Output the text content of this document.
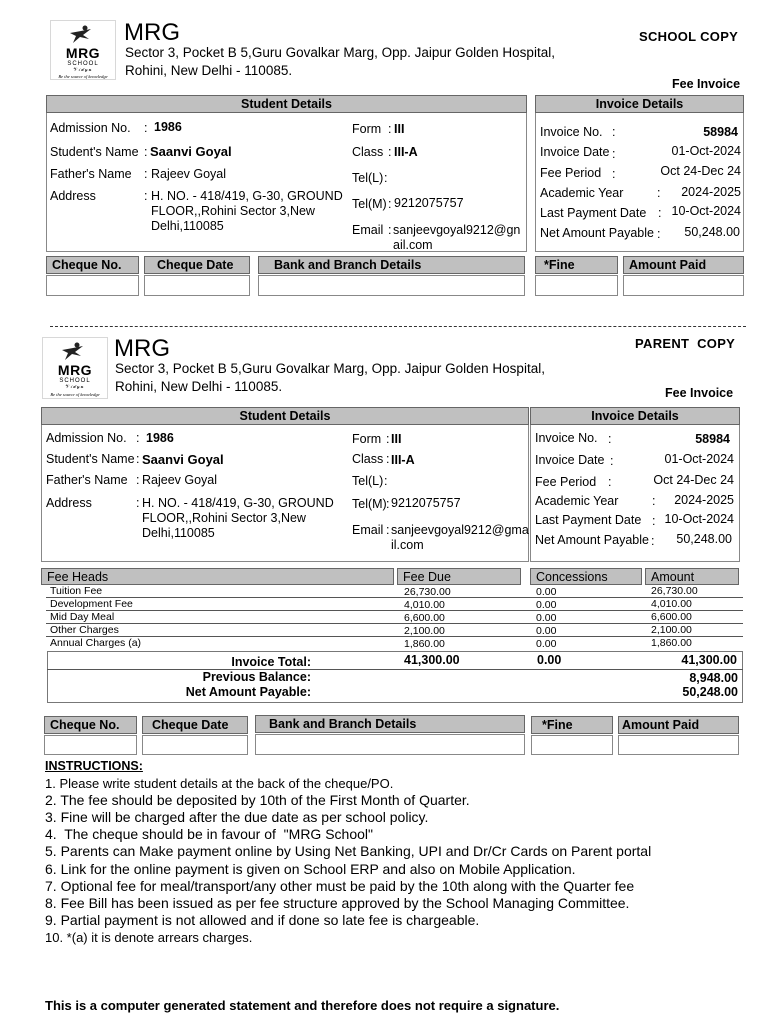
MRG
SCHOOL
𝒱𝒾𝒹𝓎𝒶
Be the source of knowledge
MRG
Sector 3, Pocket B 5,Guru Govalkar Marg, Opp. Jaipur Golden Hospital,
Rohini, New Delhi - 110085.
SCHOOL COPY
Fee Invoice
Student Details
Admission No. : 1986
Student's Name : Saanvi Goyal
Father's Name : Rajeev Goyal
Address	: H. NO. - 418/419, G-30, GROUND FLOOR,,Rohini Sector 3,New Delhi,110085
Form : III
Class : III-A
Tel(L) :
Tel(M) : 9212075757
Email : sanjeevgoyal9212@gn
ail.com
Invoice Details
Invoice No. :	58984
Invoice Date :	01-Oct-2024
Fee Period :	Oct 24-Dec 24
Academic Year	: 2024-2025
Last Payment Date : 10-Oct-2024
Net Amount Payable : 50,248.00
Cheque No.	Cheque Date	Bank and Branch Details	*Fine	Amount Paid
MRG
SCHOOL
𝒱𝒾𝒹𝓎𝒶
Be the source of knowledge
MRG
Sector 3, Pocket B 5,Guru Govalkar Marg, Opp. Jaipur Golden Hospital,
Rohini, New Delhi - 110085.
PARENT  COPY
Fee Invoice
Student Details
Admission No. : 1986
Student's Name : Saanvi Goyal
Father's Name : Rajeev Goyal
Address	: H. NO. - 418/419, G-30, GROUND FLOOR,,Rohini Sector 3,New Delhi,110085
Form : III
Class : III-A
Tel(L) :
Tel(M) : 9212075757
Email : sanjeevgoyal9212@gma
il.com
Invoice Details
Invoice No. :	58984
Invoice Date :	01-Oct-2024
Fee Period :	Oct 24-Dec 24
Academic Year	: 2024-2025
Last Payment Date : 10-Oct-2024
Net Amount Payable : 50,248.00
Fee Heads	Fee Due	Concessions	Amount
Tuition Fee	26,730.00	0.00	26,730.00
Development Fee	4,010.00	0.00	4,010.00
Mid Day Meal	6,600.00	0.00	6,600.00
Other Charges	2,100.00	0.00	2,100.00
Annual Charges (a)	1,860.00	0.00	1,860.00
Invoice Total:	41,300.00	0.00	41,300.00
Previous Balance:	8,948.00
Net Amount Payable:	50,248.00
Cheque No.	Cheque Date	Bank and Branch Details	*Fine	Amount Paid
INSTRUCTIONS:
1. Please write student details at the back of the cheque/PO.
2. The fee should be deposited by 10th of the First Month of Quarter.
3. Fine will be charged after the due date as per school policy.
4.  The cheque should be in favour of  "MRG School"
5. Parents can Make payment online by Using Net Banking, UPI and Dr/Cr Cards on Parent portal
6. Link for the online payment is given on School ERP and also on Mobile Application.
7. Optional fee for meal/transport/any other must be paid by the 10th along with the Quarter fee
8. Fee Bill has been issued as per fee structure approved by the School Managing Committee.
9. Partial payment is not allowed and if done so late fee is chargeable.
10. *(a) it is denote arrears charges.
This is a computer generated statement and therefore does not require a signature.
